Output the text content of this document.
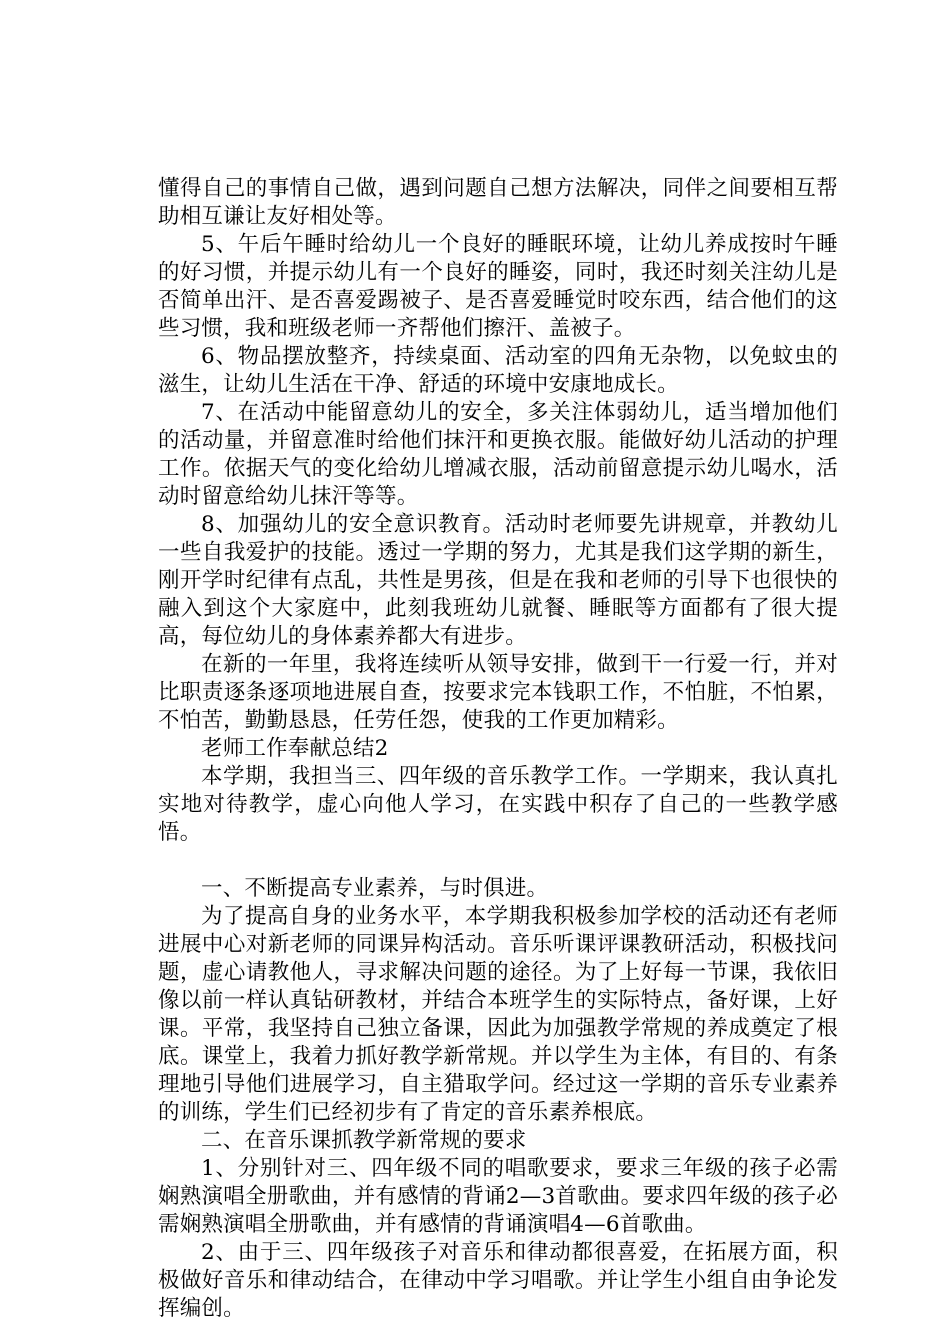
懂得自己的事情自己做，遇到问题自己想方法解决，同伴之间要相互帮助相互谦让友好相处等。

5、午后午睡时给幼儿一个良好的睡眠环境，让幼儿养成按时午睡的好习惯，并提示幼儿有一个良好的睡姿，同时，我还时刻关注幼儿是否简单出汗、是否喜爱踢被子、是否喜爱睡觉时咬东西，结合他们的这些习惯，我和班级老师一齐帮他们擦汗、盖被子。

6、物品摆放整齐，持续桌面、活动室的四角无杂物，以免蚊虫的滋生，让幼儿生活在干净、舒适的环境中安康地成长。

7、在活动中能留意幼儿的安全，多关注体弱幼儿，适当增加他们的活动量，并留意准时给他们抹汗和更换衣服。能做好幼儿活动的护理工作。依据天气的变化给幼儿增减衣服，活动前留意提示幼儿喝水，活动时留意给幼儿抹汗等等。

8、加强幼儿的安全意识教育。活动时老师要先讲规章，并教幼儿一些自我爱护的技能。透过一学期的努力，尤其是我们这学期的新生，刚开学时纪律有点乱，共性是男孩，但是在我和老师的引导下也很快的融入到这个大家庭中，此刻我班幼儿就餐、睡眠等方面都有了很大提高，每位幼儿的身体素养都大有进步。

在新的一年里，我将连续听从领导安排，做到干一行爱一行，并对比职责逐条逐项地进展自查，按要求完本钱职工作，不怕脏，不怕累，不怕苦，勤勤恳恳，任劳任怨，使我的工作更加精彩。

老师工作奉献总结2

本学期，我担当三、四年级的音乐教学工作。一学期来，我认真扎实地对待教学，虚心向他人学习，在实践中积存了自己的一些教学感悟。

一、不断提高专业素养，与时俱进。

为了提高自身的业务水平，本学期我积极参加学校的活动还有老师进展中心对新老师的同课异构活动。音乐听课评课教研活动，积极找问题，虚心请教他人，寻求解决问题的途径。为了上好每一节课，我依旧像以前一样认真钻研教材，并结合本班学生的实际特点，备好课，上好课。平常，我坚持自己独立备课，因此为加强教学常规的养成奠定了根底。课堂上，我着力抓好教学新常规。并以学生为主体，有目的、有条理地引导他们进展学习，自主猎取学问。经过这一学期的音乐专业素养的训练，学生们已经初步有了肯定的音乐素养根底。

二、在音乐课抓教学新常规的要求

1、分别针对三、四年级不同的唱歌要求，要求三年级的孩子必需娴熟演唱全册歌曲，并有感情的背诵2—3首歌曲。要求四年级的孩子必需娴熟演唱全册歌曲，并有感情的背诵演唱4—6首歌曲。

2、由于三、四年级孩子对音乐和律动都很喜爱，在拓展方面，积极做好音乐和律动结合，在律动中学习唱歌。并让学生小组自由争论发挥编创。
